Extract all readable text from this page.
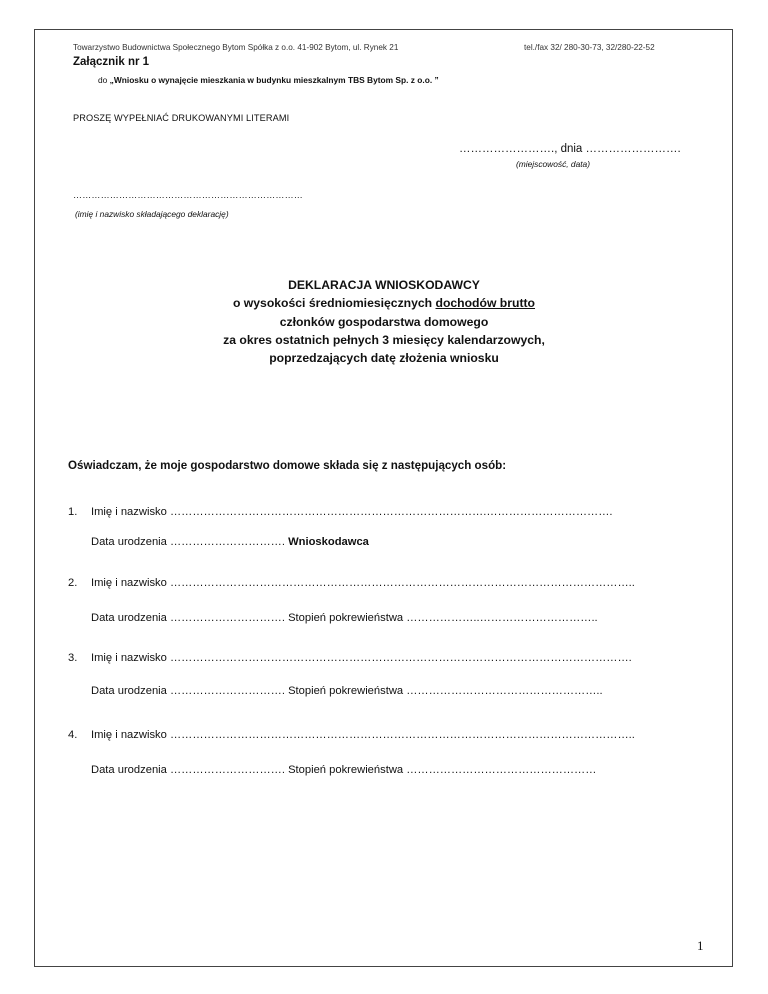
Towarzystwo Budownictwa Społecznego Bytom Spółka z o.o. 41-902 Bytom, ul. Rynek 21	tel./fax 32/ 280-30-73, 32/280-22-52
Załącznik nr 1
do „Wniosku o wynajęcie mieszkania w budynku mieszkalnym TBS Bytom Sp. z o.o. ”
PROSZĘ WYPEŁNIAĆ DRUKOWANYMI LITERAMI
……………………., dnia …………………….
(miejscowość, data)
…………………………………………………………………
(imię i nazwisko składającego deklarację)
DEKLARACJA WNIOSKODAWCY
o wysokości średniomiesięcznych dochodów brutto
członków gospodarstwa domowego
za okres ostatnich pełnych 3 miesięcy kalendarzowych,
poprzedzających datę złożenia wniosku
Oświadczam, że moje gospodarstwo domowe składa się z następujących osób:
1. Imię i nazwisko ………………………………………………………………………….…………………………….
Data urodzenia …………………………. Wnioskodawca
2. Imię i nazwisko ……………………………………………………………………………………………………………..
Data urodzenia …………………………. Stopień pokrewieństwa ………………..…………………………..
3. Imię i nazwisko …………………………………………………………………………………………………………….
Data urodzenia …………………………. Stopień pokrewieństwa ……………………………………………..
4. Imię i nazwisko ……………………………………………………………………………………………………………..
Data urodzenia …………………………. Stopień pokrewieństwa ……………………………………………
1
